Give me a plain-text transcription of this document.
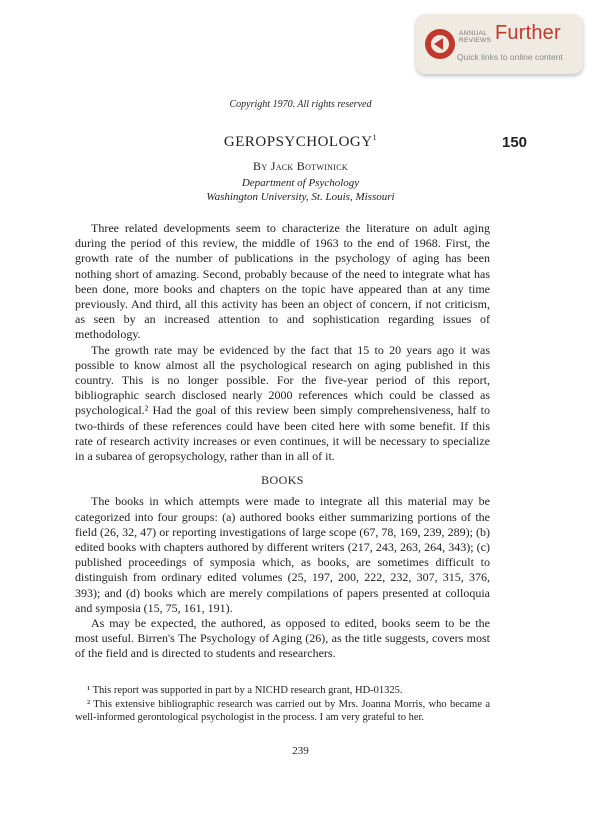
ANNUAL
REVIEWS Further
Quick links to online content
Copyright 1970. All rights reserved
GEROPSYCHOLOGY$^1$	150
By Jack Botwinick
Department of Psychology
Washington University, St. Louis, Missouri

Three related developments seem to characterize the literature on adult aging during the period of this review, the middle of 1963 to the end of 1968. First, the growth rate of the number of publications in the psychology of aging has been nothing short of amazing. Second, probably because of the need to integrate what has been done, more books and chapters on the topic have appeared than at any time previously. And third, all this activity has been an object of concern, if not criticism, as seen by an increased attention to and sophistication regarding issues of methodology.

The growth rate may be evidenced by the fact that 15 to 20 years ago it was possible to know almost all the psychological research on aging published in this country. This is no longer possible. For the five-year period of this report, bibliographic search disclosed nearly 2000 references which could be classed as psychological.² Had the goal of this review been simply comprehensiveness, half to two-thirds of these references could have been cited here with some benefit. If this rate of research activity increases or even continues, it will be necessary to specialize in a subarea of geropsychology, rather than in all of it.

BOOKS

The books in which attempts were made to integrate all this material may be categorized into four groups: (a) authored books either summarizing portions of the field (26, 32, 47) or reporting investigations of large scope (67, 78, 169, 239, 289); (b) edited books with chapters authored by different writers (217, 243, 263, 264, 343); (c) published proceedings of symposia which, as books, are sometimes difficult to distinguish from ordinary edited volumes (25, 197, 200, 222, 232, 307, 315, 376, 393); and (d) books which are merely compilations of papers presented at colloquia and symposia (15, 75, 161, 191).

As may be expected, the authored, as opposed to edited, books seem to be the most useful. Birren's The Psychology of Aging (26), as the title suggests, covers most of the field and is directed to students and researchers.

¹ This report was supported in part by a NICHD research grant, HD-01325.

² This extensive bibliographic research was carried out by Mrs. Joanna Morris, who became a well-informed gerontological psychologist in the process. I am very grateful to her.

239
